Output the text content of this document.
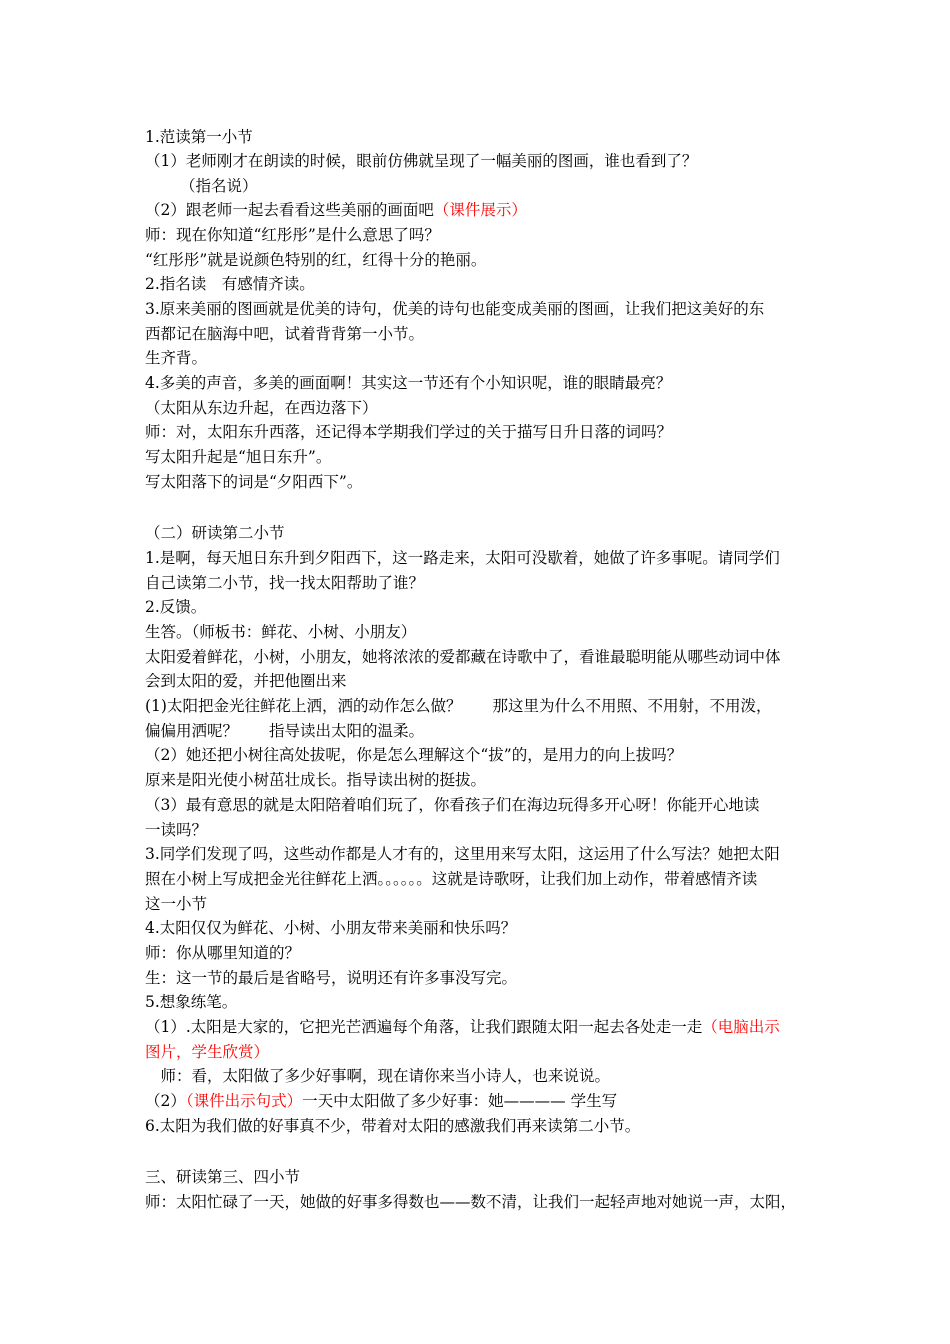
1.范读第一小节
（1）老师刚才在朗读的时候，眼前仿佛就呈现了一幅美丽的图画，谁也看到了？
（指名说）
（2）跟老师一起去看看这些美丽的画面吧（课件展示）
师：现在你知道“红彤彤”是什么意思了吗？
“红彤彤”就是说颜色特别的红，红得十分的艳丽。
2.指名读　有感情齐读。
3.原来美丽的图画就是优美的诗句，优美的诗句也能变成美丽的图画，让我们把这美好的东
西都记在脑海中吧，试着背背第一小节。
生齐背。
4.多美的声音，多美的画面啊！其实这一节还有个小知识呢，谁的眼睛最亮？
（太阳从东边升起，在西边落下）
师：对，太阳东升西落，还记得本学期我们学过的关于描写日升日落的词吗？
写太阳升起是“旭日东升”。
写太阳落下的词是“夕阳西下”。
（二）研读第二小节
1.是啊，每天旭日东升到夕阳西下，这一路走来，太阳可没歇着，她做了许多事呢。请同学们
自己读第二小节，找一找太阳帮助了谁？
2.反馈。
生答。（师板书：鲜花、小树、小朋友）
太阳爱着鲜花，小树，小朋友，她将浓浓的爱都藏在诗歌中了，看谁最聪明能从哪些动词中体
会到太阳的爱，并把他圈出来
(1)太阳把金光往鲜花上洒，洒的动作怎么做？　　那这里为什么不用照、不用射，不用泼，
偏偏用洒呢？　　指导读出太阳的温柔。
（2）她还把小树往高处拔呢，你是怎么理解这个“拔”的，是用力的向上拔吗？
原来是阳光使小树茁壮成长。指导读出树的挺拔。
（3）最有意思的就是太阳陪着咱们玩了，你看孩子们在海边玩得多开心呀！你能开心地读
一读吗？
3.同学们发现了吗，这些动作都是人才有的，这里用来写太阳，这运用了什么写法？她把太阳
照在小树上写成把金光往鲜花上洒。。。。。。这就是诗歌呀，让我们加上动作，带着感情齐读
这一小节
4.太阳仅仅为鲜花、小树、小朋友带来美丽和快乐吗？
师：你从哪里知道的？
生：这一节的最后是省略号，说明还有许多事没写完。
5.想象练笔。
（1）.太阳是大家的，它把光芒洒遍每个角落，让我们跟随太阳一起去各处走一走（电脑出示
图片，学生欣赏）
　师：看，太阳做了多少好事啊，现在请你来当小诗人，也来说说。
（2）（课件出示句式）一天中太阳做了多少好事：她———— 学生写
6.太阳为我们做的好事真不少，带着对太阳的感激我们再来读第二小节。
三、研读第三、四小节
师：太阳忙碌了一天，她做的好事多得数也——数不清，让我们一起轻声地对她说一声，太阳，
